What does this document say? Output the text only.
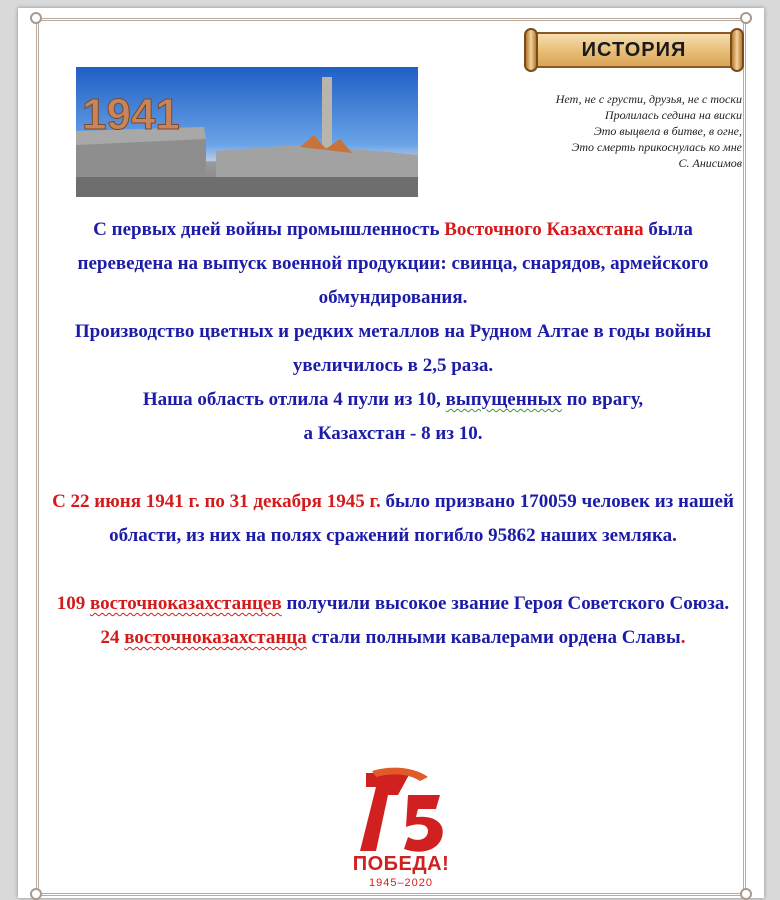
ИСТОРИЯ
1941	Нет, не с грусти, друзья, не с тоски
Пролилась седина на виски
Это выцвела в битве, в огне,
Это смерть прикоснулась ко мне
С. Анисимов

С первых дней войны промышленность Восточного Казахстана была переведена на выпуск военной продукции: свинца, снарядов, армейского обмундирования.

Производство цветных и редких металлов на Рудном Алтае в годы войны увеличилось в 2,5 раза.

Наша область отлила 4 пули из 10, выпущенных по врагу,
а Казахстан - 8 из 10.

С 22 июня 1941 г. по 31 декабря 1945 г. было призвано 170059 человек из нашей области, из них на полях сражений погибло 95862 наших земляка.

109 восточноказахстанцев получили высокое звание Героя Советского Союза.

24 восточноказахстанца стали полными кавалерами ордена Славы.

ПОБЕДА!
1945–2020
